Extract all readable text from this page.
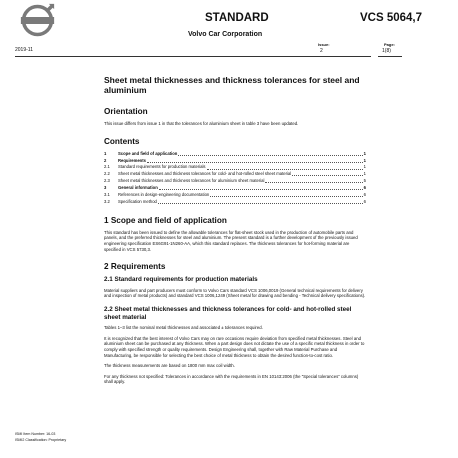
STANDARD	VCS 5064,7
Volvo Car Corporation
2019-11
Issue:
2
Page:
1(8)
Sheet metal thicknesses and thickness tolerances for steel and aluminium
Orientation

This issue differs from issue 1 in that the tolerances for aluminium sheet in table 3 have been updated.

Contents
1	Scope and field of application	1
2	Requirements	1
2.1	Standard requirements for production materials	1
2.2	Sheet metal thicknesses and thickness tolerances for cold- and hot-rolled steel sheet material	1
2.3	Sheet metal thicknesses and thickness tolerances for aluminium sheet material	5
3	General information	6
3.1	References in design-engineering documentation	6
3.2	Specification method	6
1 Scope and field of application

This standard has been issued to define the allowable tolerances for flat-sheet stock used in the production of automobile parts and panels, and the preferred thicknesses for steel and aluminium. The present standard is a further development of the previously issued engineering specification ES6G91-1N260-AA, which this standard replaces. The thickness tolerances for hot-forming material are specified in VCS 5730,3.

2 Requirements
2.1 Standard requirements for production materials

Material suppliers and part producers must conform to Volvo Cars standard VCS 1006,0019 (General technical requirements for delivery and inspection of metal products) and standard VCS 1006,1249 (Sheet metal for drawing and bending - Technical delivery specifications).

2.2 Sheet metal thicknesses and thickness tolerances for cold- and hot-rolled steel sheet material

Tables 1–3 list the nominal metal thicknesses and associated ± tolerances required.

It is recognized that the best interest of Volvo Cars may on rare occasions require deviation from specified metal thicknesses. Steel and aluminium sheet can be purchased at any thickness. When a part design does not dictate the use of a specific metal thickness in order to comply with specified strength or quality requirements. Design Engineering shall, together with Raw Material Purchase and Manufacturing, be responsible for selecting the best choice of metal thickness to obtain the desired function-to-cost ratio.

The thickness measurements are based on 1800 mm max coil width.

For any thickness not specified: Tolerances in accordance with the requirements in EN 10143:2006 (the “Special tolerances” columns) shall apply.

ISMI Item Number: 16-03
ISMI2 Classification: Proprietary
